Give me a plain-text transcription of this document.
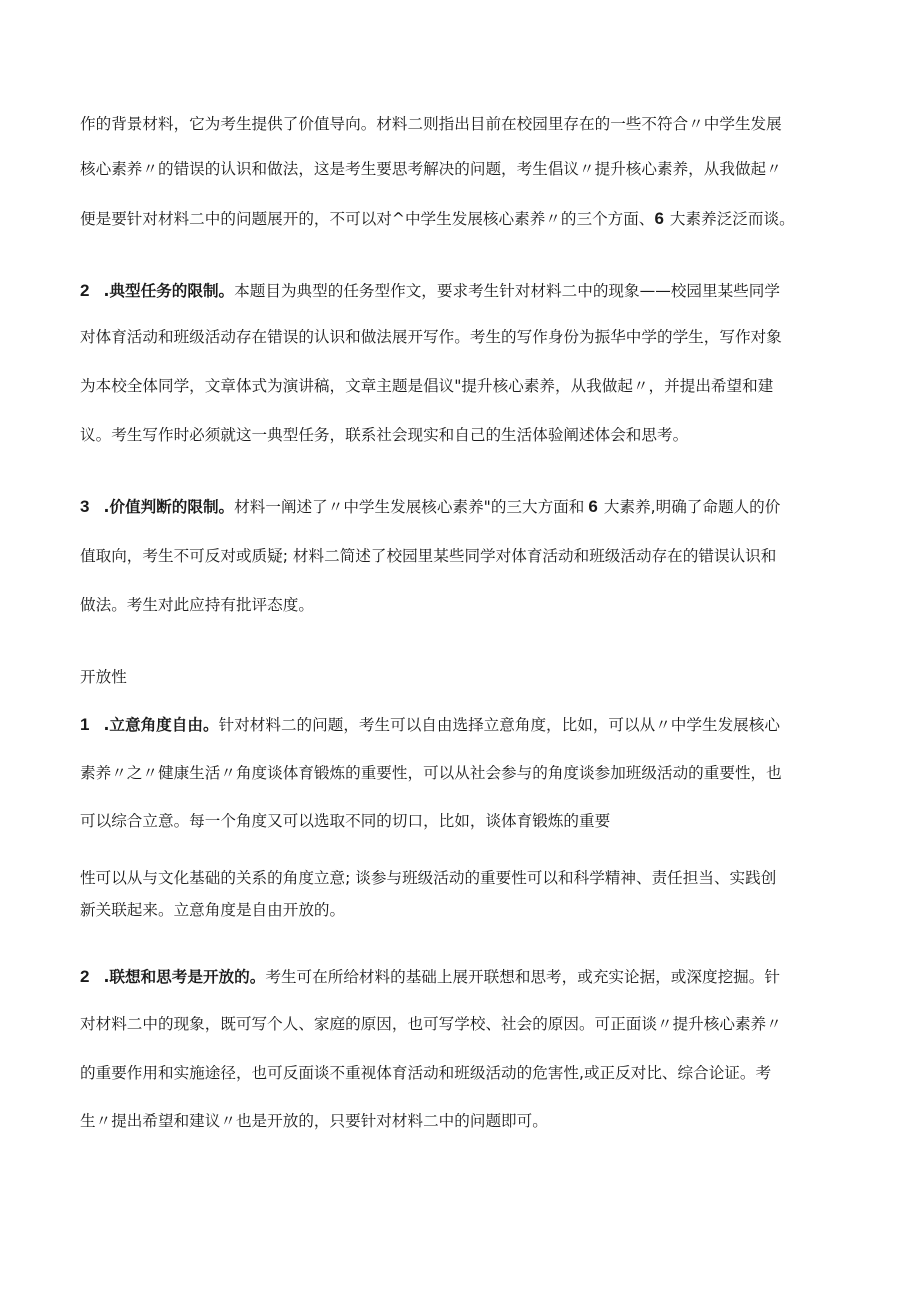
作的背景材料，它为考生提供了价值导向。材料二则指出目前在校园里存在的一些不符合〃中学生发展
核心素养〃的错误的认识和做法，这是考生要思考解决的问题，考生倡议〃提升核心素养，从我做起〃
便是要针对材料二中的问题展开的，不可以对^中学生发展核心素养〃的三个方面、6 大素养泛泛而谈。
2 .典型任务的限制。本题目为典型的任务型作文，要求考生针对材料二中的现象——校园里某些同学
对体育活动和班级活动存在错误的认识和做法展开写作。考生的写作身份为振华中学的学生，写作对象
为本校全体同学，文章体式为演讲稿，文章主题是倡议"提升核心素养，从我做起〃，并提出希望和建
议。考生写作时必须就这一典型任务，联系社会现实和自己的生活体验阐述体会和思考。
3 .价值判断的限制。材料一阐述了〃中学生发展核心素养"的三大方面和 6 大素养,明确了命题人的价
值取向，考生不可反对或质疑; 材料二简述了校园里某些同学对体育活动和班级活动存在的错误认识和
做法。考生对此应持有批评态度。
开放性
1 .立意角度自由。针对材料二的问题，考生可以自由选择立意角度，比如，可以从〃中学生发展核心
素养〃之〃健康生活〃角度谈体育锻炼的重要性，可以从社会参与的角度谈参加班级活动的重要性，也
可以综合立意。每一个角度又可以选取不同的切口，比如，谈体育锻炼的重要
性可以从与文化基础的关系的角度立意; 谈参与班级活动的重要性可以和科学精神、责任担当、实践创
新关联起来。立意角度是自由开放的。
2 .联想和思考是开放的。考生可在所给材料的基础上展开联想和思考，或充实论据，或深度挖掘。针
对材料二中的现象，既可写个人、家庭的原因，也可写学校、社会的原因。可正面谈〃提升核心素养〃
的重要作用和实施途径，也可反面谈不重视体育活动和班级活动的危害性,或正反对比、综合论证。考
生〃提出希望和建议〃也是开放的，只要针对材料二中的问题即可。
